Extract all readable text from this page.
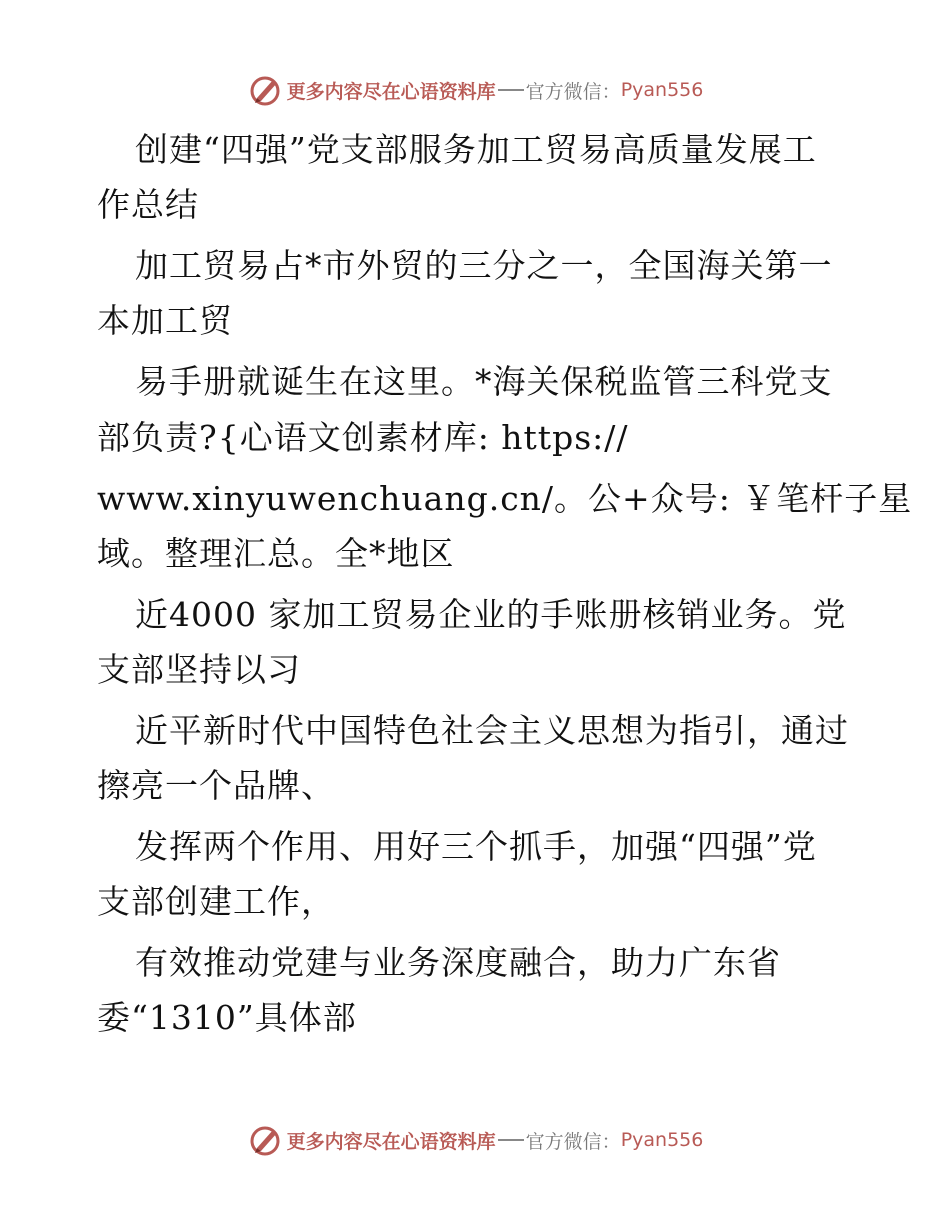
更多内容尽在心语资料库 官方微信： Pyan556
创建“四强”党支部服务加工贸易高质量发展工
作总结
加工贸易占*市外贸的三分之一，全国海关第一
本加工贸
易手册就诞生在这里。*海关保税监管三科党支
部负责?{心语文创素材库: https://
www.xinyuwenchuang.cn/。公+众号: ￥笔杆子星
域。整理汇总。全*地区
近4000 家加工贸易企业的手账册核销业务。党
支部坚持以习
近平新时代中国特色社会主义思想为指引，通过
擦亮一个品牌、
发挥两个作用、用好三个抓手，加强“四强”党
支部创建工作，
有效推动党建与业务深度融合，助力广东省
委“1310”具体部
更多内容尽在心语资料库 官方微信： Pyan556
